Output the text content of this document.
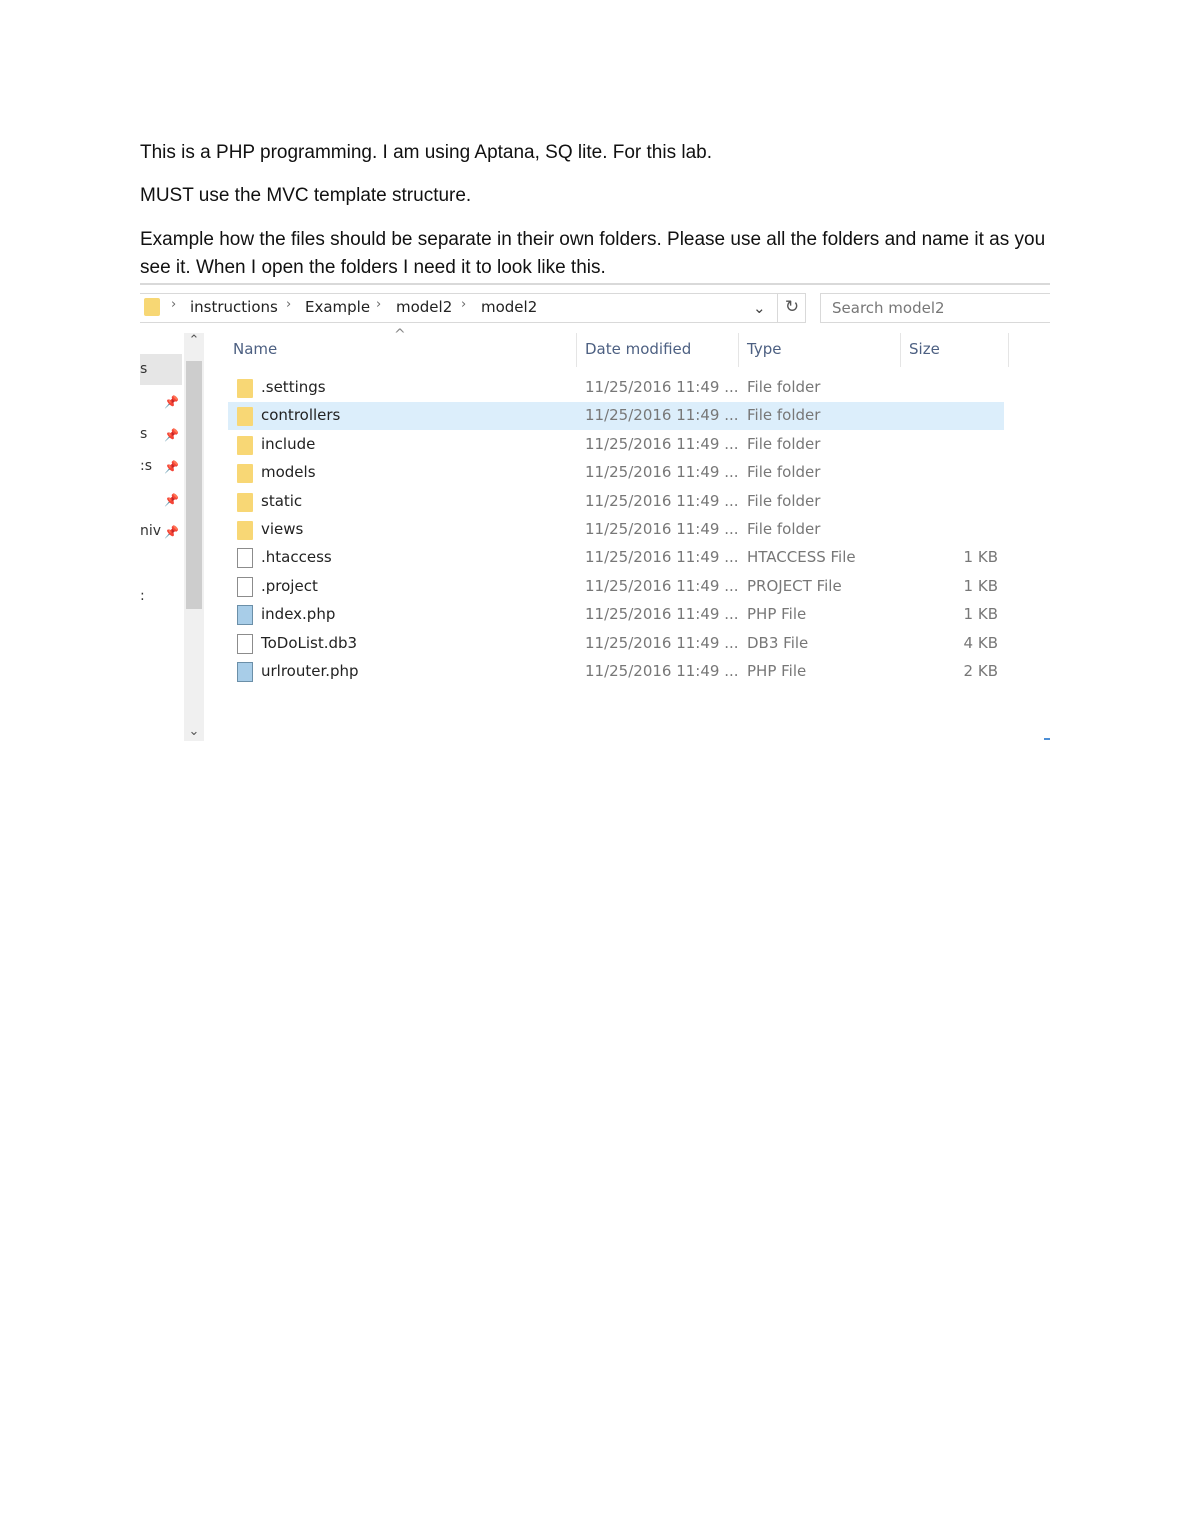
This is a PHP programming. I am using Aptana, SQ lite. For this lab.

MUST use the MVC template structure.

Example how the files should be separate in their own folders. Please use all the folders and name it as you see it. When I open the folders I need it to look like this.

› instructions › Example › model2 › model2	⌄	↻	Search model2
s
📌
s 📌
:s 📌
📌
niv 📌
:
⌃
⌄
^
Name	Date modified	Type	Size
.settings	11/25/2016 11:49 ... File folder
controllers	11/25/2016 11:49 ... File folder
include	11/25/2016 11:49 ... File folder
models	11/25/2016 11:49 ... File folder
static	11/25/2016 11:49 ... File folder
views	11/25/2016 11:49 ... File folder
.htaccess	11/25/2016 11:49 ... HTACCESS File	1 KB
.project	11/25/2016 11:49 ... PROJECT File	1 KB
index.php	11/25/2016 11:49 ... PHP File	1 KB
ToDoList.db3	11/25/2016 11:49 ... DB3 File	4 KB
urlrouter.php	11/25/2016 11:49 ... PHP File	2 KB
